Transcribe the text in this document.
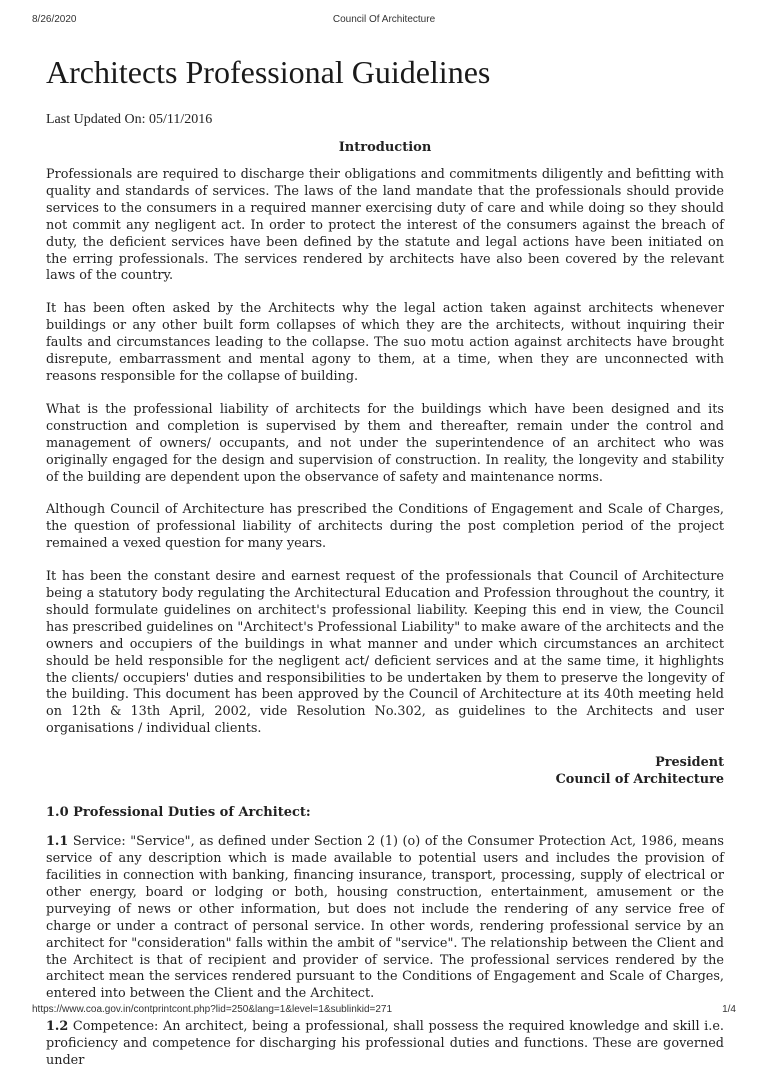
8/26/2020	Council Of Architecture
Architects Professional Guidelines
Last Updated On: 05/11/2016
Introduction

Professionals are required to discharge their obligations and commitments diligently and befitting with quality and standards of services. The laws of the land mandate that the professionals should provide services to the consumers in a required manner exercising duty of care and while doing so they should not commit any negligent act. In order to protect the interest of the consumers against the breach of duty, the deficient services have been defined by the statute and legal actions have been initiated on the erring professionals. The services rendered by architects have also been covered by the relevant laws of the country.

It has been often asked by the Architects why the legal action taken against architects whenever buildings or any other built form collapses of which they are the architects, without inquiring their faults and circumstances leading to the collapse. The suo motu action against architects have brought disrepute, embarrassment and mental agony to them, at a time, when they are unconnected with reasons responsible for the collapse of building.

What is the professional liability of architects for the buildings which have been designed and its construction and completion is supervised by them and thereafter, remain under the control and management of owners/ occupants, and not under the superintendence of an architect who was originally engaged for the design and supervision of construction. In reality, the longevity and stability of the building are dependent upon the observance of safety and maintenance norms.

Although Council of Architecture has prescribed the Conditions of Engagement and Scale of Charges, the question of professional liability of architects during the post completion period of the project remained a vexed question for many years.

It has been the constant desire and earnest request of the professionals that Council of Architecture being a statutory body regulating the Architectural Education and Profession throughout the country, it should formulate guidelines on architect's professional liability. Keeping this end in view, the Council has prescribed guidelines on "Architect's Professional Liability" to make aware of the architects and the owners and occupiers of the buildings in what manner and under which circumstances an architect should be held responsible for the negligent act/ deficient services and at the same time, it highlights the clients/ occupiers' duties and responsibilities to be undertaken by them to preserve the longevity of the building. This document has been approved by the Council of Architecture at its 40th meeting held on 12th & 13th April, 2002, vide Resolution No.302, as guidelines to the Architects and user organisations / individual clients.

President
Council of Architecture
1.0 Professional Duties of Architect:

1.1 Service: "Service", as defined under Section 2 (1) (o) of the Consumer Protection Act, 1986, means service of any description which is made available to potential users and includes the provision of facilities in connection with banking, financing insurance, transport, processing, supply of electrical or other energy, board or lodging or both, housing construction, entertainment, amusement or the purveying of news or other information, but does not include the rendering of any service free of charge or under a contract of personal service. In other words, rendering professional service by an architect for "consideration" falls within the ambit of "service". The relationship between the Client and the Architect is that of recipient and provider of service. The professional services rendered by the architect mean the services rendered pursuant to the Conditions of Engagement and Scale of Charges, entered into between the Client and the Architect.

1.2 Competence: An architect, being a professional, shall possess the required knowledge and skill i.e. proficiency and competence for discharging his professional duties and functions. These are governed under

https://www.coa.gov.in/contprintcont.php?lid=250&lang=1&level=1&sublinkid=271	1/4
